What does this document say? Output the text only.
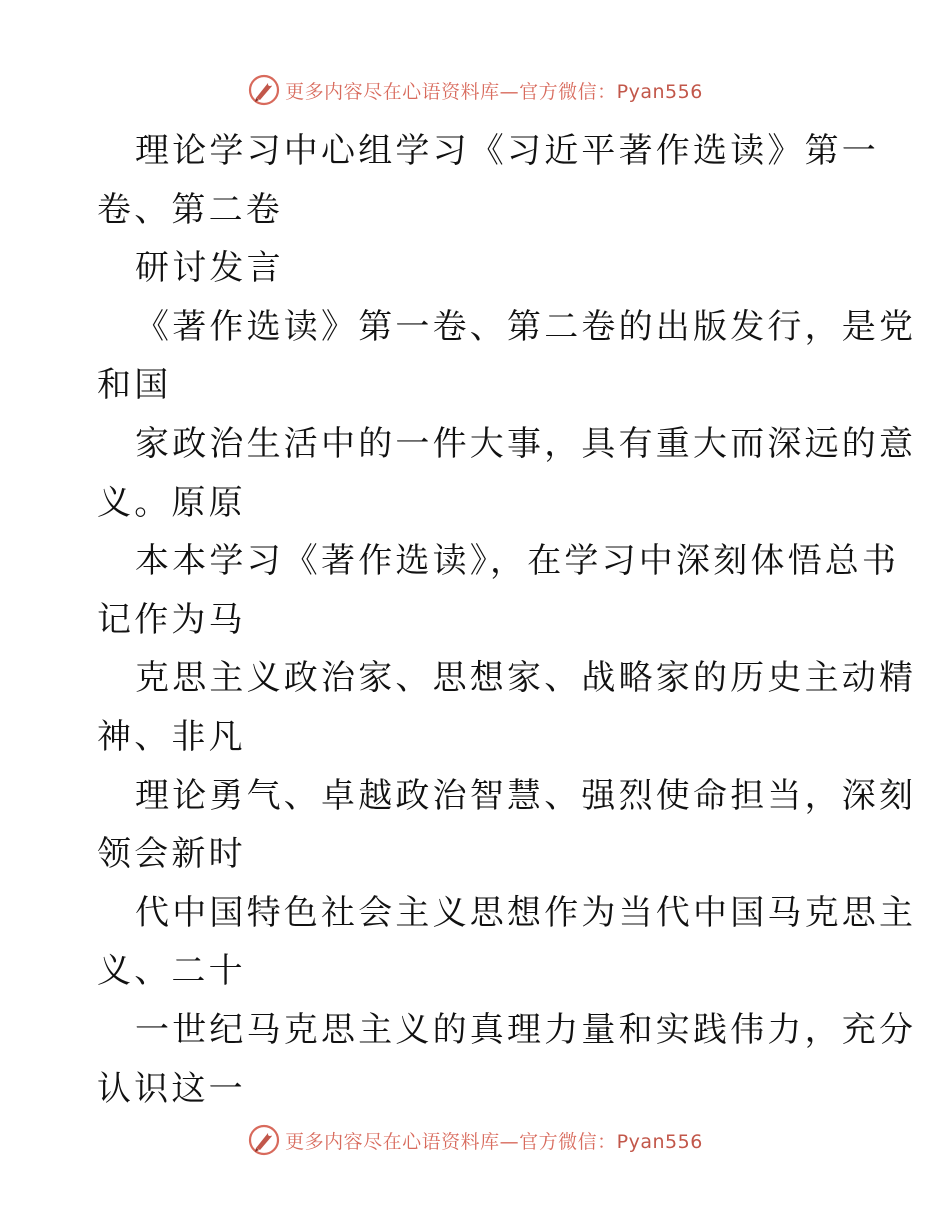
更多内容尽在心语资料库—官方微信：Pyan556
理论学习中心组学习《习近平著作选读》第一
卷、第二卷
研讨发言
《著作选读》第一卷、第二卷的出版发行，是党
和国
家政治生活中的一件大事，具有重大而深远的意
义。原原
本本学习《著作选读》，在学习中深刻体悟总书
记作为马
克思主义政治家、思想家、战略家的历史主动精
神、非凡
理论勇气、卓越政治智慧、强烈使命担当，深刻
领会新时
代中国特色社会主义思想作为当代中国马克思主
义、二十
一世纪马克思主义的真理力量和实践伟力，充分
认识这一
更多内容尽在心语资料库—官方微信：Pyan556
